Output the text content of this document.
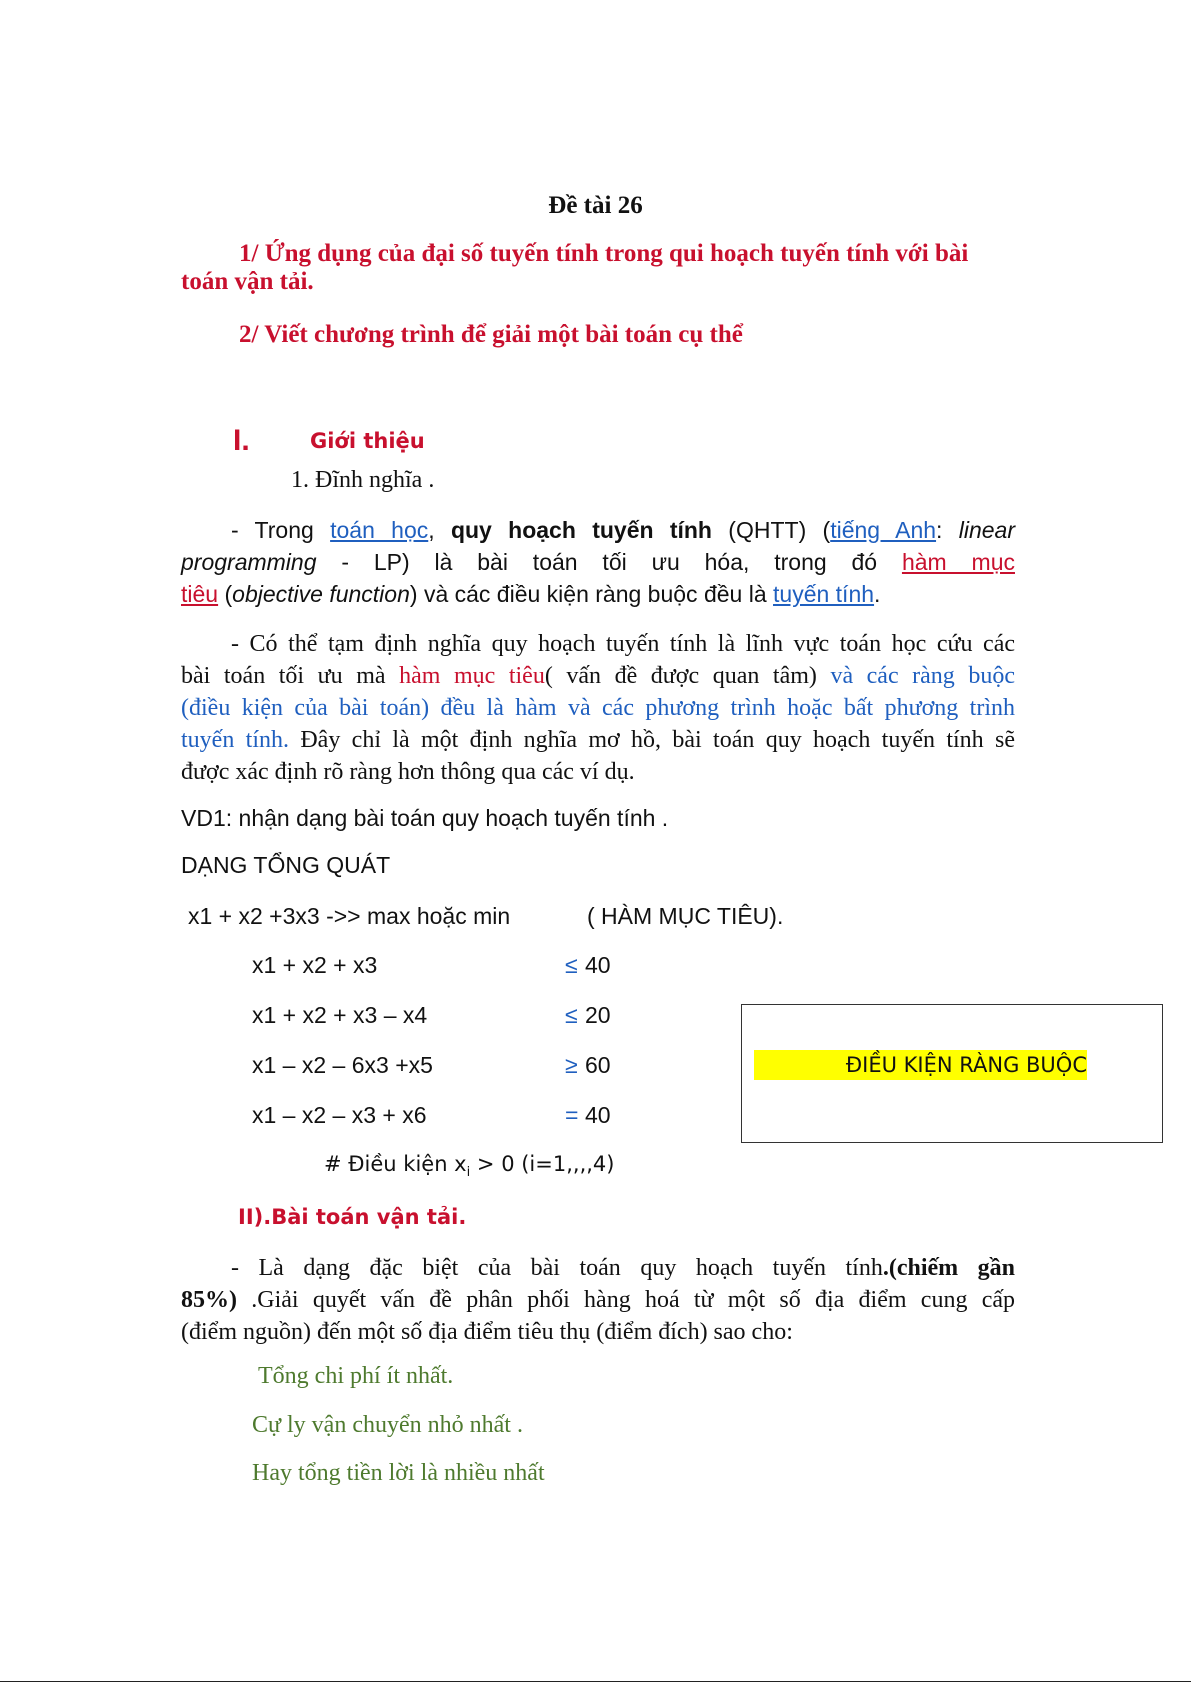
Đề tài 26
1/ Ứng dụng của đại số tuyến tính trong qui hoạch tuyến tính với bài
toán vận tải.
2/ Viết chương trình để giải một bài toán cụ thể
I.	Giới thiệu
1. Đĩnh nghĩa .
- Trong toán học, quy hoạch tuyến tính (QHTT) (tiếng Anh: linear
programming - LP) là bài toán tối ưu hóa, trong đó hàm mục
tiêu (objective function) và các điều kiện ràng buộc đều là tuyến tính.
- Có thể tạm định nghĩa quy hoạch tuyến tính là lĩnh vực toán học cứu các
bài toán tối ưu mà hàm mục tiêu( vấn đề được quan tâm) và các ràng buộc
(điều kiện của bài toán) đều là hàm và các phương trình hoặc bất phương trình
tuyến tính. Đây chỉ là một định nghĩa mơ hồ, bài toán quy hoạch tuyến tính sẽ
được xác định rõ ràng hơn thông qua các ví dụ.
VD1: nhận dạng bài toán quy hoạch tuyến tính .
DẠNG TỔNG QUÁT
x1 + x2 +3x3 ->> max hoặc min	( HÀM MỤC TIÊU).
x1 + x2 + x3	≤ 40
x1 + x2 + x3 – x4	≤ 20
x1 – x2 – 6x3 +x5	≥ 60
x1 – x2 – x3 + x6	= 40
# Điều kiện $x_i > 0$ (i=1,,,,4)
ĐIỀU KIỆN RÀNG BUỘC
II).Bài toán vận tải.
- Là dạng đặc biệt của bài toán quy hoạch tuyến tính.(chiếm gần
85%) .Giải quyết vấn đề phân phối hàng hoá từ một số địa điểm cung cấp
(điểm nguồn) đến một số địa điểm tiêu thụ (điểm đích) sao cho:
Tổng chi phí ít nhất.
Cự ly vận chuyển nhỏ nhất .
Hay tổng tiền lời là nhiều nhất
